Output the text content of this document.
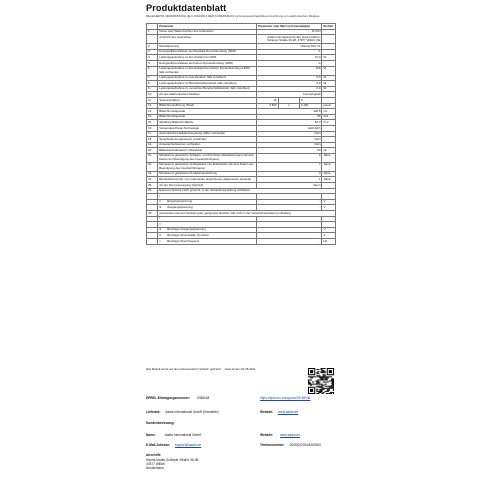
Produktdatenblatt
DELEGIERTE VERORDNUNG (EU) 2019/2013 DER KOMMISSION zur Energieverbrauchskennzeichnung von elektronischen Displays
	Parameter	Parameter oder Wert und Genauigkeit			Einheit
1.	Name oder Warenzeichen des Lieferanten	DYON			
	Anschrift des Lieferanten	Aadia International GmbH, Hanns-Martin-Schleyer-Straße 36-38, 47877 Willich, DE			
2.	Modellkennung	Ultimas 55U-T1			
3.	Energieeffizienzklasse bei Standard-Dynamikumfang (SDR)	F			
4.	Leistungsaufnahme im Ein-Zustand bei SDR	76,0			W
5.	Energieeffizienzklasse bei hohem Dynamikumfang (HDR)	G			
6.	Leistungsaufnahme im Ein-Zustand bei hohem Dynamikumfang (HDR), falls vorhanden	100			W
7.	Leistungsaufnahme im Aus-Zustand, falls zutreffend	0,3			W
8.	Leistungsaufnahme im Bereitschaftszustand, falls zutreffend	0,3			W
9.	Leistungsaufnahme im vernetzten Bereitschaftsbetrieb, falls zutreffend	2,0			W
10.	Art des elektronischen Displays	Fernsehgerät			
11.	Seitenverhältnis	16	:	9	
12.	Bildschirmauflösung (Pixel)	3 840	x	2 160	pixels
13.	Bildschirmdiagonale	138,8			cm
14.	Bildschirmdiagonale	55			Zoll
15.	Sichtbare Bildschirmfläche	82,3			dm²
16.	Verwendete Panel-Technologie	LED (ED)			
17.	Automatische Helligkeitsregelung (ABC) vorhanden	Nein			
18.	Spracherkennungssensor vorhanden	Nein			
19.	Anwesenheitssensor vorhanden	Nein			
20.	Bildwiederholfrequenz (Standard)	60			Hz
21.	Mindestens garantierte Software- und Firmware-Aktualisierungen (ab dem Datum der Beendigung des Inverkehrbringens)	2			Jahre
22.	Mindestens garantierte Verfügbarkeit von Ersatzteilen (ab dem Datum der Beendigung des Inverkehrbringens)	7			Jahre
23.	Mindestens garantierte Produktunterstützung	3			Jahre
24.	Mindestlaufzeit der vom Lieferanten angebotenen allgemeinen Garantie	1			Jahre
25.	Art der Stromversorgung (Netzteil)	Intern			
25.	Externes Netzteil (nicht genormt, in der Verkaufsverpackung enthalten)				
	i				
	ii Eingangsspannung	-			V
	iii Ausgangsspannung	-			V
26.	Genormtes externes Netzteil (oder geeignetes Netzteil, falls nicht in der Verkaufsverpackung enthalten)				
	i				
	ii				
	iii Benötigte Ausgangsspannung	-			V
	iv Benötigte Stromstärke (A) liefern	-			A
	v Benötigte Stromfrequenz	-			Hz
Das Modell wurde auf dem Unionsmarkt in Verkehr gebracht ... zwar ab dem 01.05.2021
EPREL-Eintragungsnummer: 2058168	https://eprel.ec.europa.eu/05 58168
Lieferant: Aadia International GmbH (Hersteller)	Website: www.aadia.de
Kundenbetreuung:
Name:	Aadia International GmbH	Website: www.aadia.de
E-Mail-Adresse: support@aadia.de	Telefonnummer: 0049(0)2154/4263300
Anschrift:
Hanns-Martin-Schleyer-Straße 36-38
47877 Willich
Deutschland
